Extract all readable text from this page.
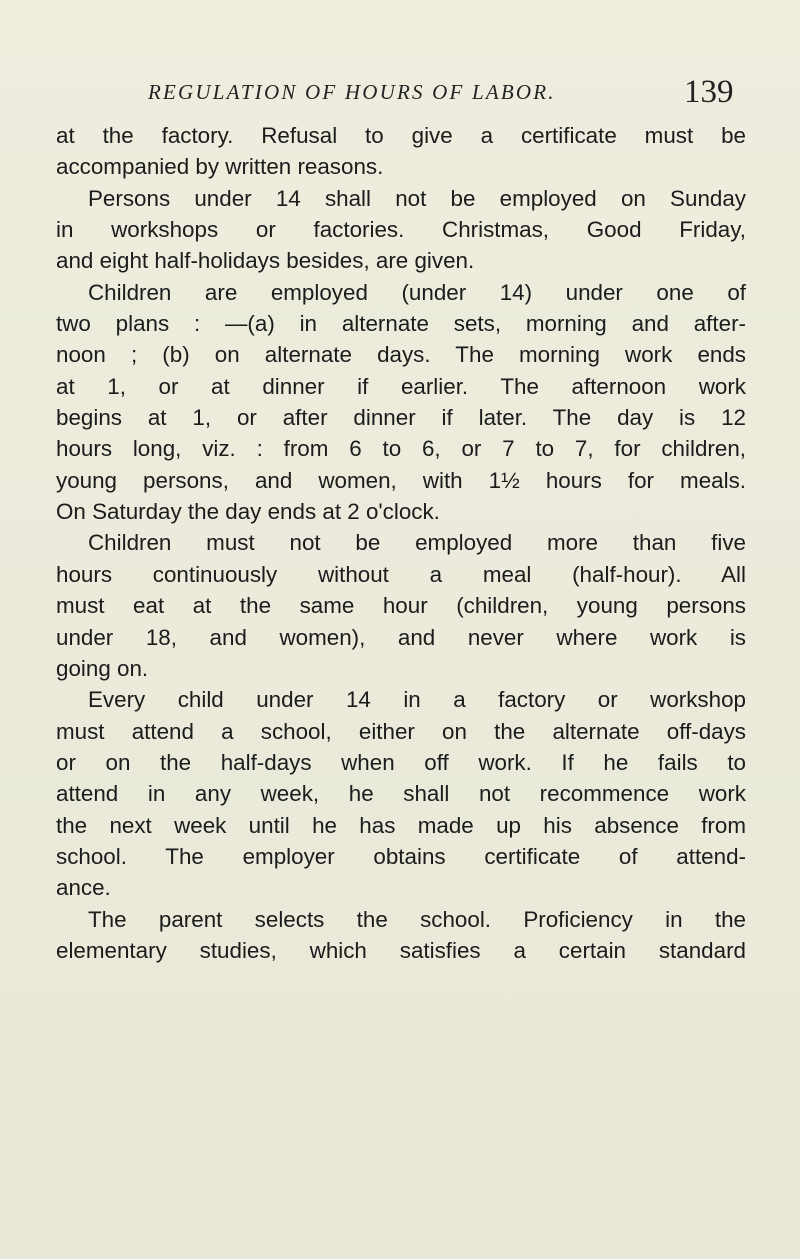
REGULATION OF HOURS OF LABOR.	139

at the factory. Refusal to give a certificate must be
accompanied by written reasons.

Persons under 14 shall not be employed on Sunday
in workshops or factories. Christmas, Good Friday,
and eight half-holidays besides, are given.

Children are employed (under 14) under one of
two plans : —(a) in alternate sets, morning and after-
noon ; (b) on alternate days. The morning work ends
at 1, or at dinner if earlier. The afternoon work
begins at 1, or after dinner if later. The day is 12
hours long, viz. : from 6 to 6, or 7 to 7, for children,
young persons, and women, with 1½ hours for meals.
On Saturday the day ends at 2 o'clock.

Children must not be employed more than five
hours continuously without a meal (half-hour). All
must eat at the same hour (children, young persons
under 18, and women), and never where work is
going on.

Every child under 14 in a factory or workshop
must attend a school, either on the alternate off-days
or on the half-days when off work. If he fails to
attend in any week, he shall not recommence work
the next week until he has made up his absence from
school. The employer obtains certificate of attend-
ance.

The parent selects the school. Proficiency in the
elementary studies, which satisfies a certain standard
